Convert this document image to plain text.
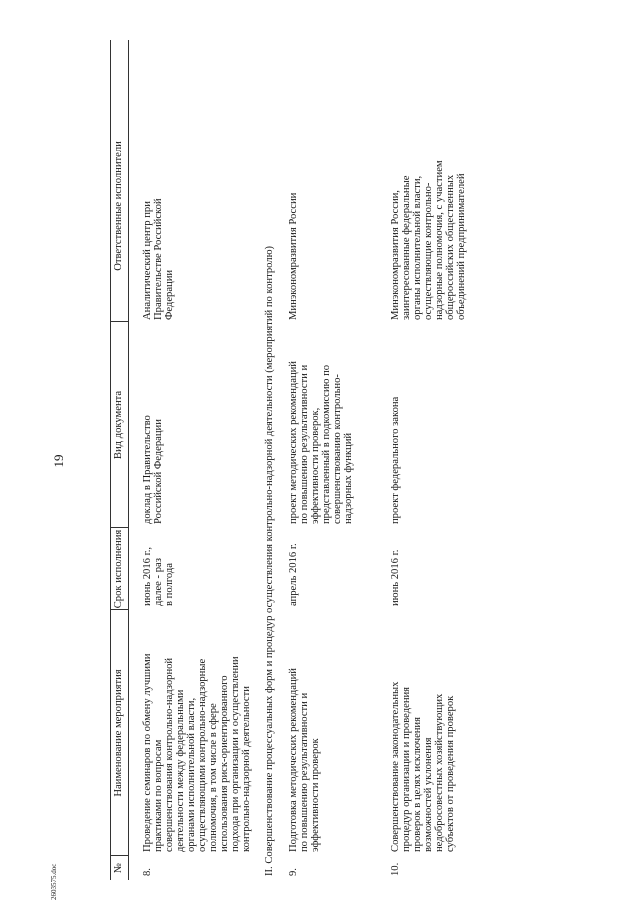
19
2603575.doc	№
Наименование мероприятия
Срок исполнения
Вид документа
Ответственные исполнители
8.
Проведение семинаров по обмену лучшими
практиками по вопросам
совершенствования контрольно-надзорной
деятельности между федеральными
органами исполнительной власти,
осуществляющими контрольно-надзорные
полномочия, в том числе в сфере
использования риск-ориентированного
подхода при организации и осуществлении
контрольно-надзорной деятельности
июнь 2016 г.,
далее - раз
в полгода
доклад в Правительство
Российской Федерации
Аналитический центр при
Правительстве Российской
Федерации	II. Совершенствование процессуальных форм и процедур осуществления контрольно-надзорной деятельности (мероприятий по контролю) 9.
Подготовка методических рекомендаций
по повышению результативности и
эффективности проверок
апрель 2016 г.
проект методических рекомендаций
по повышению результативности и
эффективности проверок,
представленный в подкомиссию по
совершенствованию контрольно-
надзорных функций
Минэкономразвития России
10.
Совершенствование законодательных
процедур организации и проведения
проверок в целях исключения
возможностей уклонения
недобросовестных хозяйствующих
субъектов от проведения проверок
июнь 2016 г.
проект федерального закона
Минэкономразвития России,
заинтересованные федеральные
органы исполнительной власти,
осуществляющие контрольно-
надзорные полномочия, с участием
общероссийских общественных
объединений предпринимателей
